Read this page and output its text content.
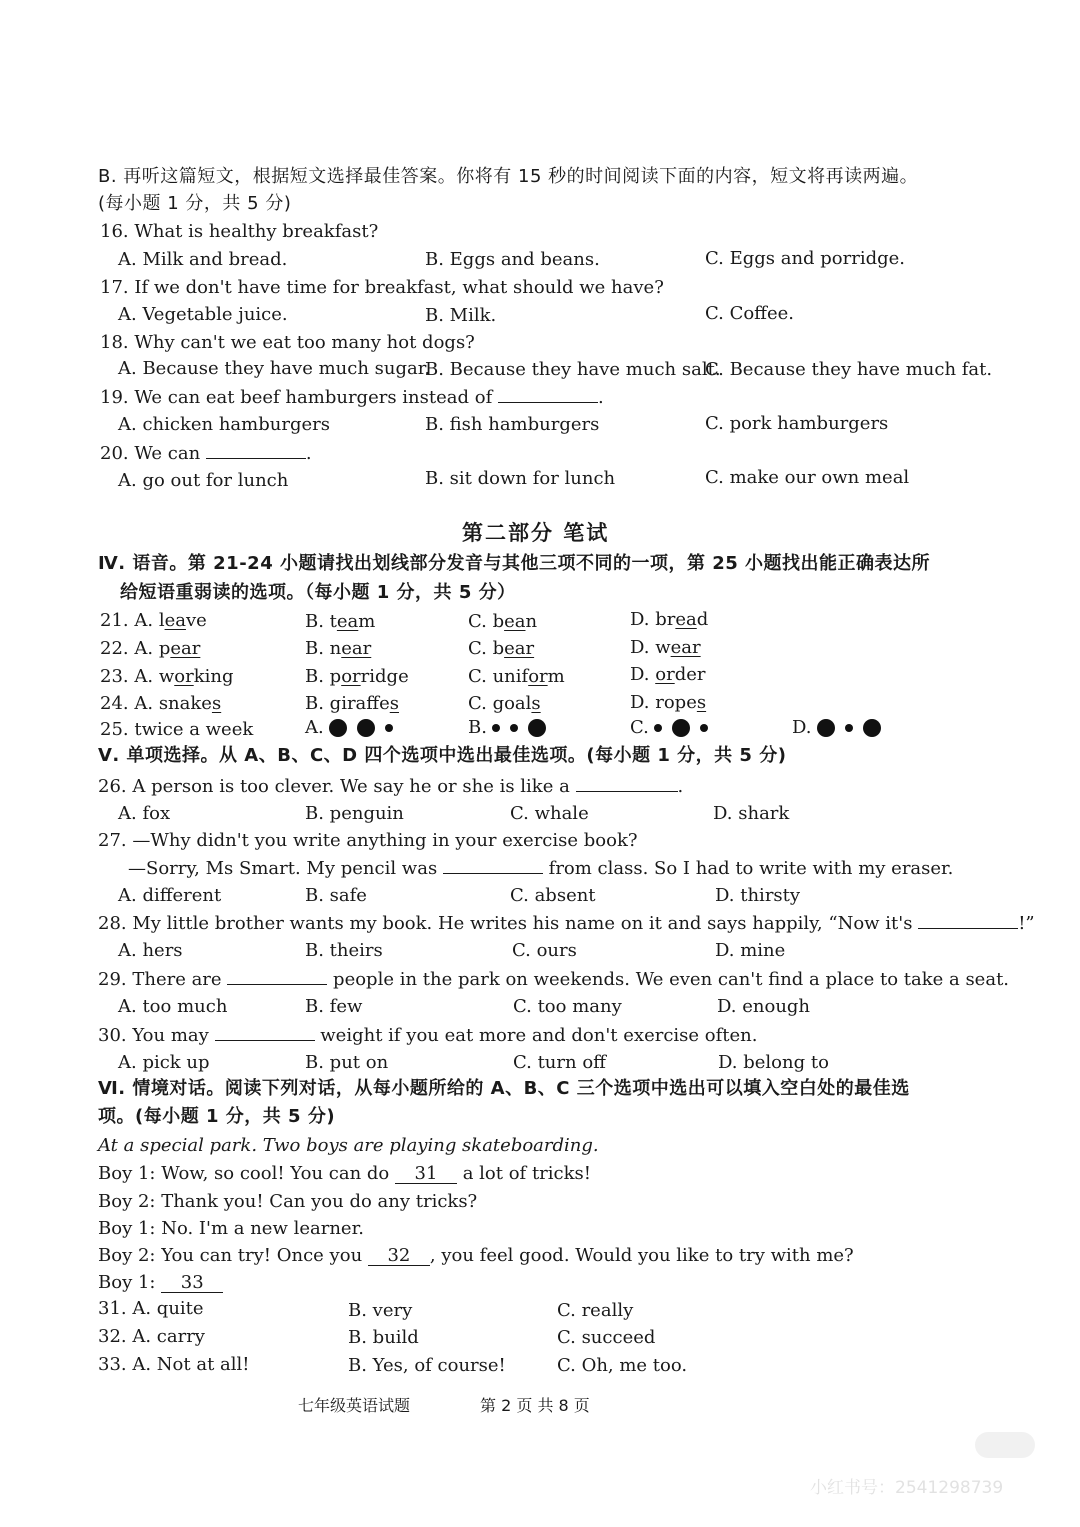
B. 再听这篇短文，根据短文选择最佳答案。你将有 15 秒的时间阅读下面的内容，短文将再读两遍。
(每小题 1 分，共 5 分)
16. What is healthy breakfast?
A. Milk and bread.	B. Eggs and beans.	C. Eggs and porridge.
17. If we don't have time for breakfast, what should we have?
A. Vegetable juice.	B. Milk.	C. Coffee.
18. Why can't we eat too many hot dogs?
A. Because they have much sugar.
B. Because they have much salt.
C. Because they have much fat.
19. We can eat beef hamburgers instead of	.
A. chicken hamburgers	B. fish hamburgers	C. pork hamburgers
20. We can	.
A. go out for lunch	B. sit down for lunch	C. make our own meal
第二部分 笔试
Ⅳ. 语音。第 21-24 小题请找出划线部分发音与其他三项不同的一项，第 25 小题找出能正确表达所
给短语重弱读的选项。（每小题 1 分，共 5 分）
21. A. leave	B. team	C. bean	D. bread
22. A. pear	B. near	C. bear	D. wear
23. A. working	B. porridge	C. uniform	D. order
24. A. snakes	B. giraffes	C. goals	D. ropes
25. twice a week	A.	B.	C.	D.
Ⅴ. 单项选择。从 A、B、C、D 四个选项中选出最佳选项。(每小题 1 分，共 5 分)
26. A person is too clever. We say he or she is like a	.
A. fox	B. penguin	C. whale	D. shark
27. —Why didn't you write anything in your exercise book?
—Sorry, Ms Smart. My pencil was	from class. So I had to write with my eraser.
A. different	B. safe	C. absent	D. thirsty
28. My little brother wants my book. He writes his name on it and says happily, “Now it's	!”
A. hers	B. theirs	C. ours	D. mine
29. There are	people in the park on weekends. We even can't find a place to take a seat.
A. too much	B. few	C. too many	D. enough
30. You may	weight if you eat more and don't exercise often.
A. pick up	B. put on	C. turn off	D. belong to
Ⅵ. 情境对话。阅读下列对话，从每小题所给的 A、B、C 三个选项中选出可以填入空白处的最佳选
项。(每小题 1 分，共 5 分)
At a special park. Two boys are playing skateboarding.
Boy 1: Wow, so cool! You can do 31 a lot of tricks!
Boy 2: Thank you! Can you do any tricks?
Boy 1: No. I'm a new learner.
Boy 2: You can try! Once you 32 , you feel good. Would you like to try with me?
Boy 1: 33
31. A. quite	B. very	C. really
32. A. carry	B. build	C. succeed
33. A. Not at all!	B. Yes, of course!	C. Oh, me too.
七年级英语试题	第 2 页 共 8 页
小红书号：2541298739
